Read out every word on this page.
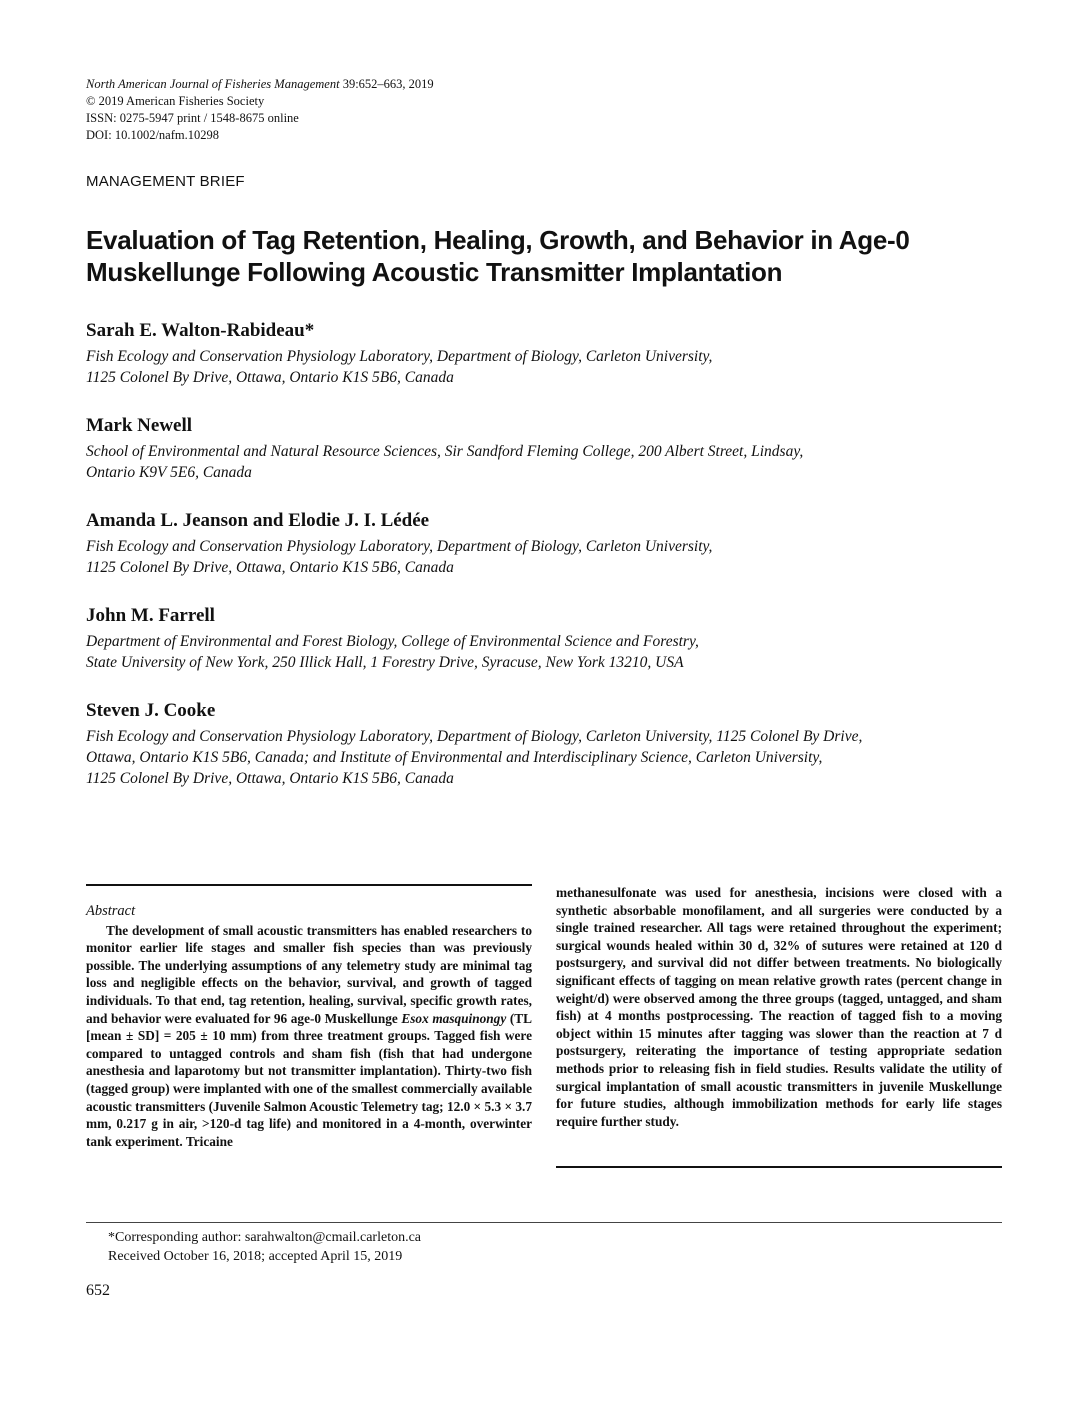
North American Journal of Fisheries Management 39:652–663, 2019
© 2019 American Fisheries Society
ISSN: 0275-5947 print / 1548-8675 online
DOI: 10.1002/nafm.10298
MANAGEMENT BRIEF
Evaluation of Tag Retention, Healing, Growth, and Behavior in Age-0 Muskellunge Following Acoustic Transmitter Implantation
Sarah E. Walton-Rabideau*
Fish Ecology and Conservation Physiology Laboratory, Department of Biology, Carleton University,
1125 Colonel By Drive, Ottawa, Ontario K1S 5B6, Canada
Mark Newell
School of Environmental and Natural Resource Sciences, Sir Sandford Fleming College, 200 Albert Street, Lindsay,
Ontario K9V 5E6, Canada
Amanda L. Jeanson and Elodie J. I. Lédée
Fish Ecology and Conservation Physiology Laboratory, Department of Biology, Carleton University,
1125 Colonel By Drive, Ottawa, Ontario K1S 5B6, Canada
John M. Farrell
Department of Environmental and Forest Biology, College of Environmental Science and Forestry,
State University of New York, 250 Illick Hall, 1 Forestry Drive, Syracuse, New York 13210, USA
Steven J. Cooke
Fish Ecology and Conservation Physiology Laboratory, Department of Biology, Carleton University, 1125 Colonel By Drive,
Ottawa, Ontario K1S 5B6, Canada; and Institute of Environmental and Interdisciplinary Science, Carleton University,
1125 Colonel By Drive, Ottawa, Ontario K1S 5B6, Canada
Abstract
The development of small acoustic transmitters has enabled researchers to monitor earlier life stages and smaller fish species than was previously possible. The underlying assumptions of any telemetry study are minimal tag loss and negligible effects on the behavior, survival, and growth of tagged individuals. To that end, tag retention, healing, survival, specific growth rates, and behavior were evaluated for 96 age-0 Muskellunge Esox masquinongy (TL [mean ± SD] = 205 ± 10 mm) from three treatment groups. Tagged fish were compared to untagged controls and sham fish (fish that had undergone anesthesia and laparotomy but not transmitter implantation). Thirty-two fish (tagged group) were implanted with one of the smallest commercially available acoustic transmitters (Juvenile Salmon Acoustic Telemetry tag; 12.0 × 5.3 × 3.7 mm, 0.217 g in air, >120-d tag life) and monitored in a 4-month, overwinter tank experiment. Tricaine
methanesulfonate was used for anesthesia, incisions were closed with a synthetic absorbable monofilament, and all surgeries were conducted by a single trained researcher. All tags were retained throughout the experiment; surgical wounds healed within 30 d, 32% of sutures were retained at 120 d postsurgery, and survival did not differ between treatments. No biologically significant effects of tagging on mean relative growth rates (percent change in weight/d) were observed among the three groups (tagged, untagged, and sham fish) at 4 months postprocessing. The reaction of tagged fish to a moving object within 15 minutes after tagging was slower than the reaction at 7 d postsurgery, reiterating the importance of testing appropriate sedation methods prior to releasing fish in field studies. Results validate the utility of surgical implantation of small acoustic transmitters in juvenile Muskellunge for future studies, although immobilization methods for early life stages require further study.
*Corresponding author: sarahwalton@cmail.carleton.ca
Received October 16, 2018; accepted April 15, 2019
652
